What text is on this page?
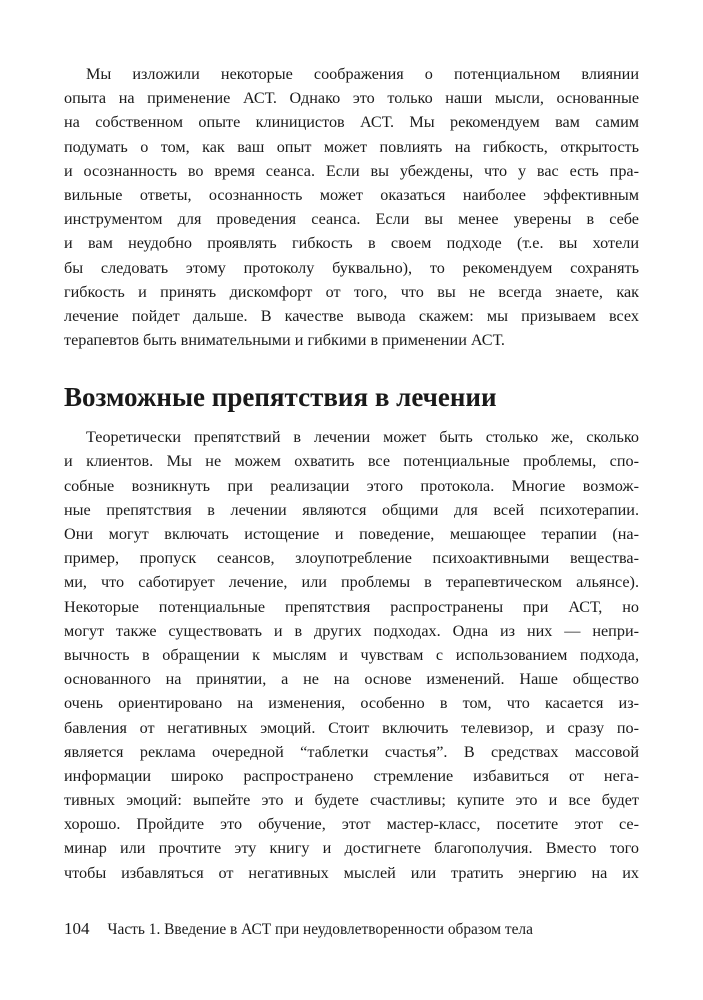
Мы изложили некоторые соображения о потенциальном влиянии
опыта на применение АСТ. Однако это только наши мысли, основанные
на собственном опыте клиницистов АСТ. Мы рекомендуем вам самим
подумать о том, как ваш опыт может повлиять на гибкость, открытость
и осознанность во время сеанса. Если вы убеждены, что у вас есть пра-
вильные ответы, осознанность может оказаться наиболее эффективным
инструментом для проведения сеанса. Если вы менее уверены в себе
и вам неудобно проявлять гибкость в своем подходе (т.е. вы хотели
бы следовать этому протоколу буквально), то рекомендуем сохранять
гибкость и принять дискомфорт от того, что вы не всегда знаете, как
лечение пойдет дальше. В качестве вывода скажем: мы призываем всех
терапевтов быть внимательными и гибкими в применении АСТ.
Возможные препятствия в лечении
Теоретически препятствий в лечении может быть столько же, сколько
и клиентов. Мы не можем охватить все потенциальные проблемы, спо-
собные возникнуть при реализации этого протокола. Многие возмож-
ные препятствия в лечении являются общими для всей психотерапии.
Они могут включать истощение и поведение, мешающее терапии (на-
пример, пропуск сеансов, злоупотребление психоактивными вещества-
ми, что саботирует лечение, или проблемы в терапевтическом альянсе).
Некоторые потенциальные препятствия распространены при АСТ, но
могут также существовать и в других подходах. Одна из них — непри-
вычность в обращении к мыслям и чувствам с использованием подхода,
основанного на принятии, а не на основе изменений. Наше общество
очень ориентировано на изменения, особенно в том, что касается из-
бавления от негативных эмоций. Стоит включить телевизор, и сразу по-
является реклама очередной “таблетки счастья”. В средствах массовой
информации широко распространено стремление избавиться от нега-
тивных эмоций: выпейте это и будете счастливы; купите это и все будет
хорошо. Пройдите это обучение, этот мастер-класс, посетите этот се-
минар или прочтите эту книгу и достигнете благополучия. Вместо того
чтобы избавляться от негативных мыслей или тратить энергию на их
104 Часть 1. Введение в АСТ при неудовлетворенности образом тела
